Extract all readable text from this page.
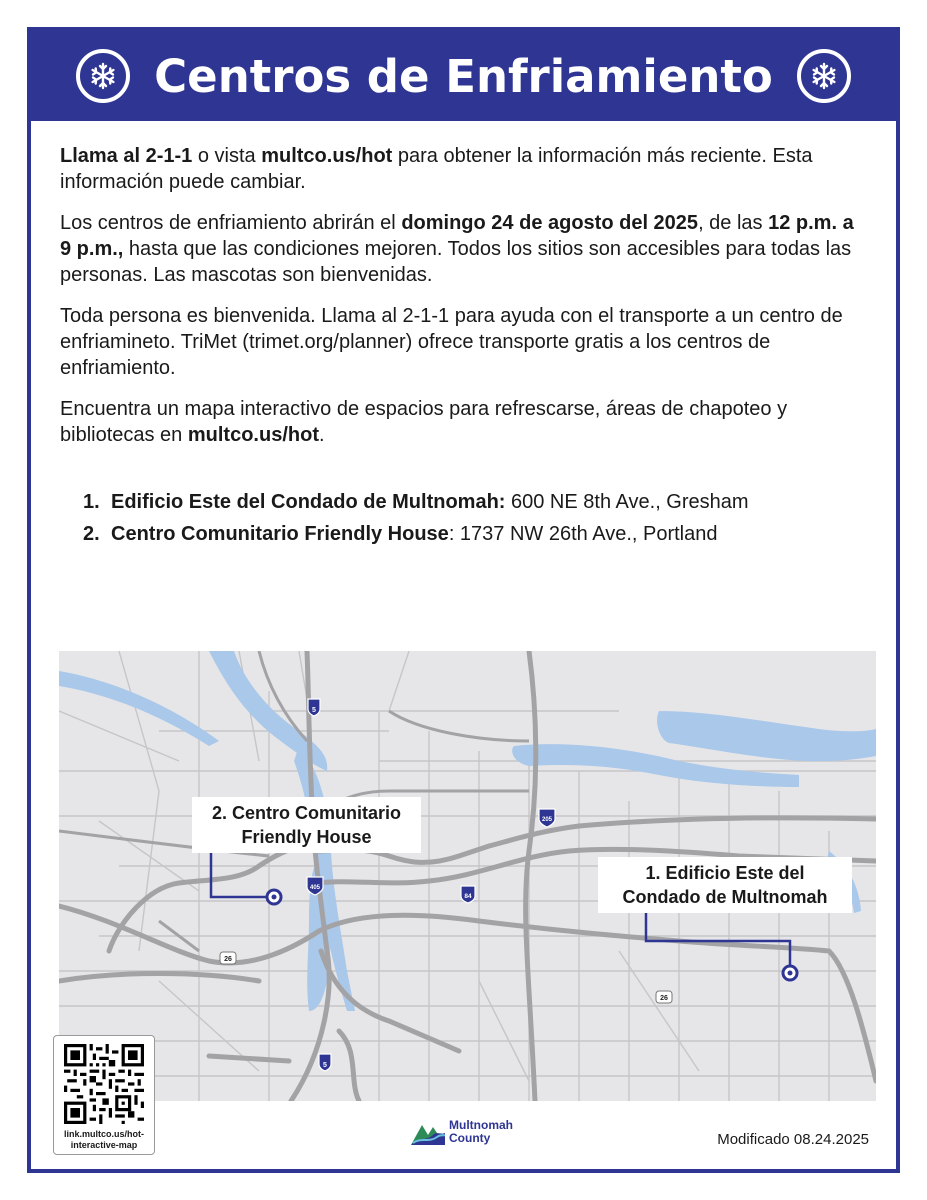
Centros de Enfriamiento

Llama al 2-1-1 o vista multco.us/hot para obtener la información más reciente. Esta información puede cambiar.

Los centros de enfriamiento abrirán el domingo 24 de agosto del 2025, de las 12 p.m. a 9 p.m., hasta que las condiciones mejoren. Todos los sitios son accesibles para todas las personas. Las mascotas son bienvenidas.

Toda persona es bienvenida. Llama al 2-1-1 para ayuda con el transporte a un centro de enfriamineto. TriMet (trimet.org/planner) ofrece transporte gratis a los centros de enfriamiento.

Encuentra un mapa interactivo de espacios para refrescarse, áreas de chapoteo y bibliotecas en multco.us/hot.

1. Edificio Este del Condado de Multnomah: 600 NE 8th Ave., Gresham
2. Centro Comunitario Friendly House: 1737 NW 26th Ave., Portland
5
405
84
205
5
26
26
2. Centro Comunitario
Friendly House
1. Edificio Este del
Condado de Multnomah
link.multco.us/hot-interactive-map
Multnomah
County	Modificado 08.24.2025
